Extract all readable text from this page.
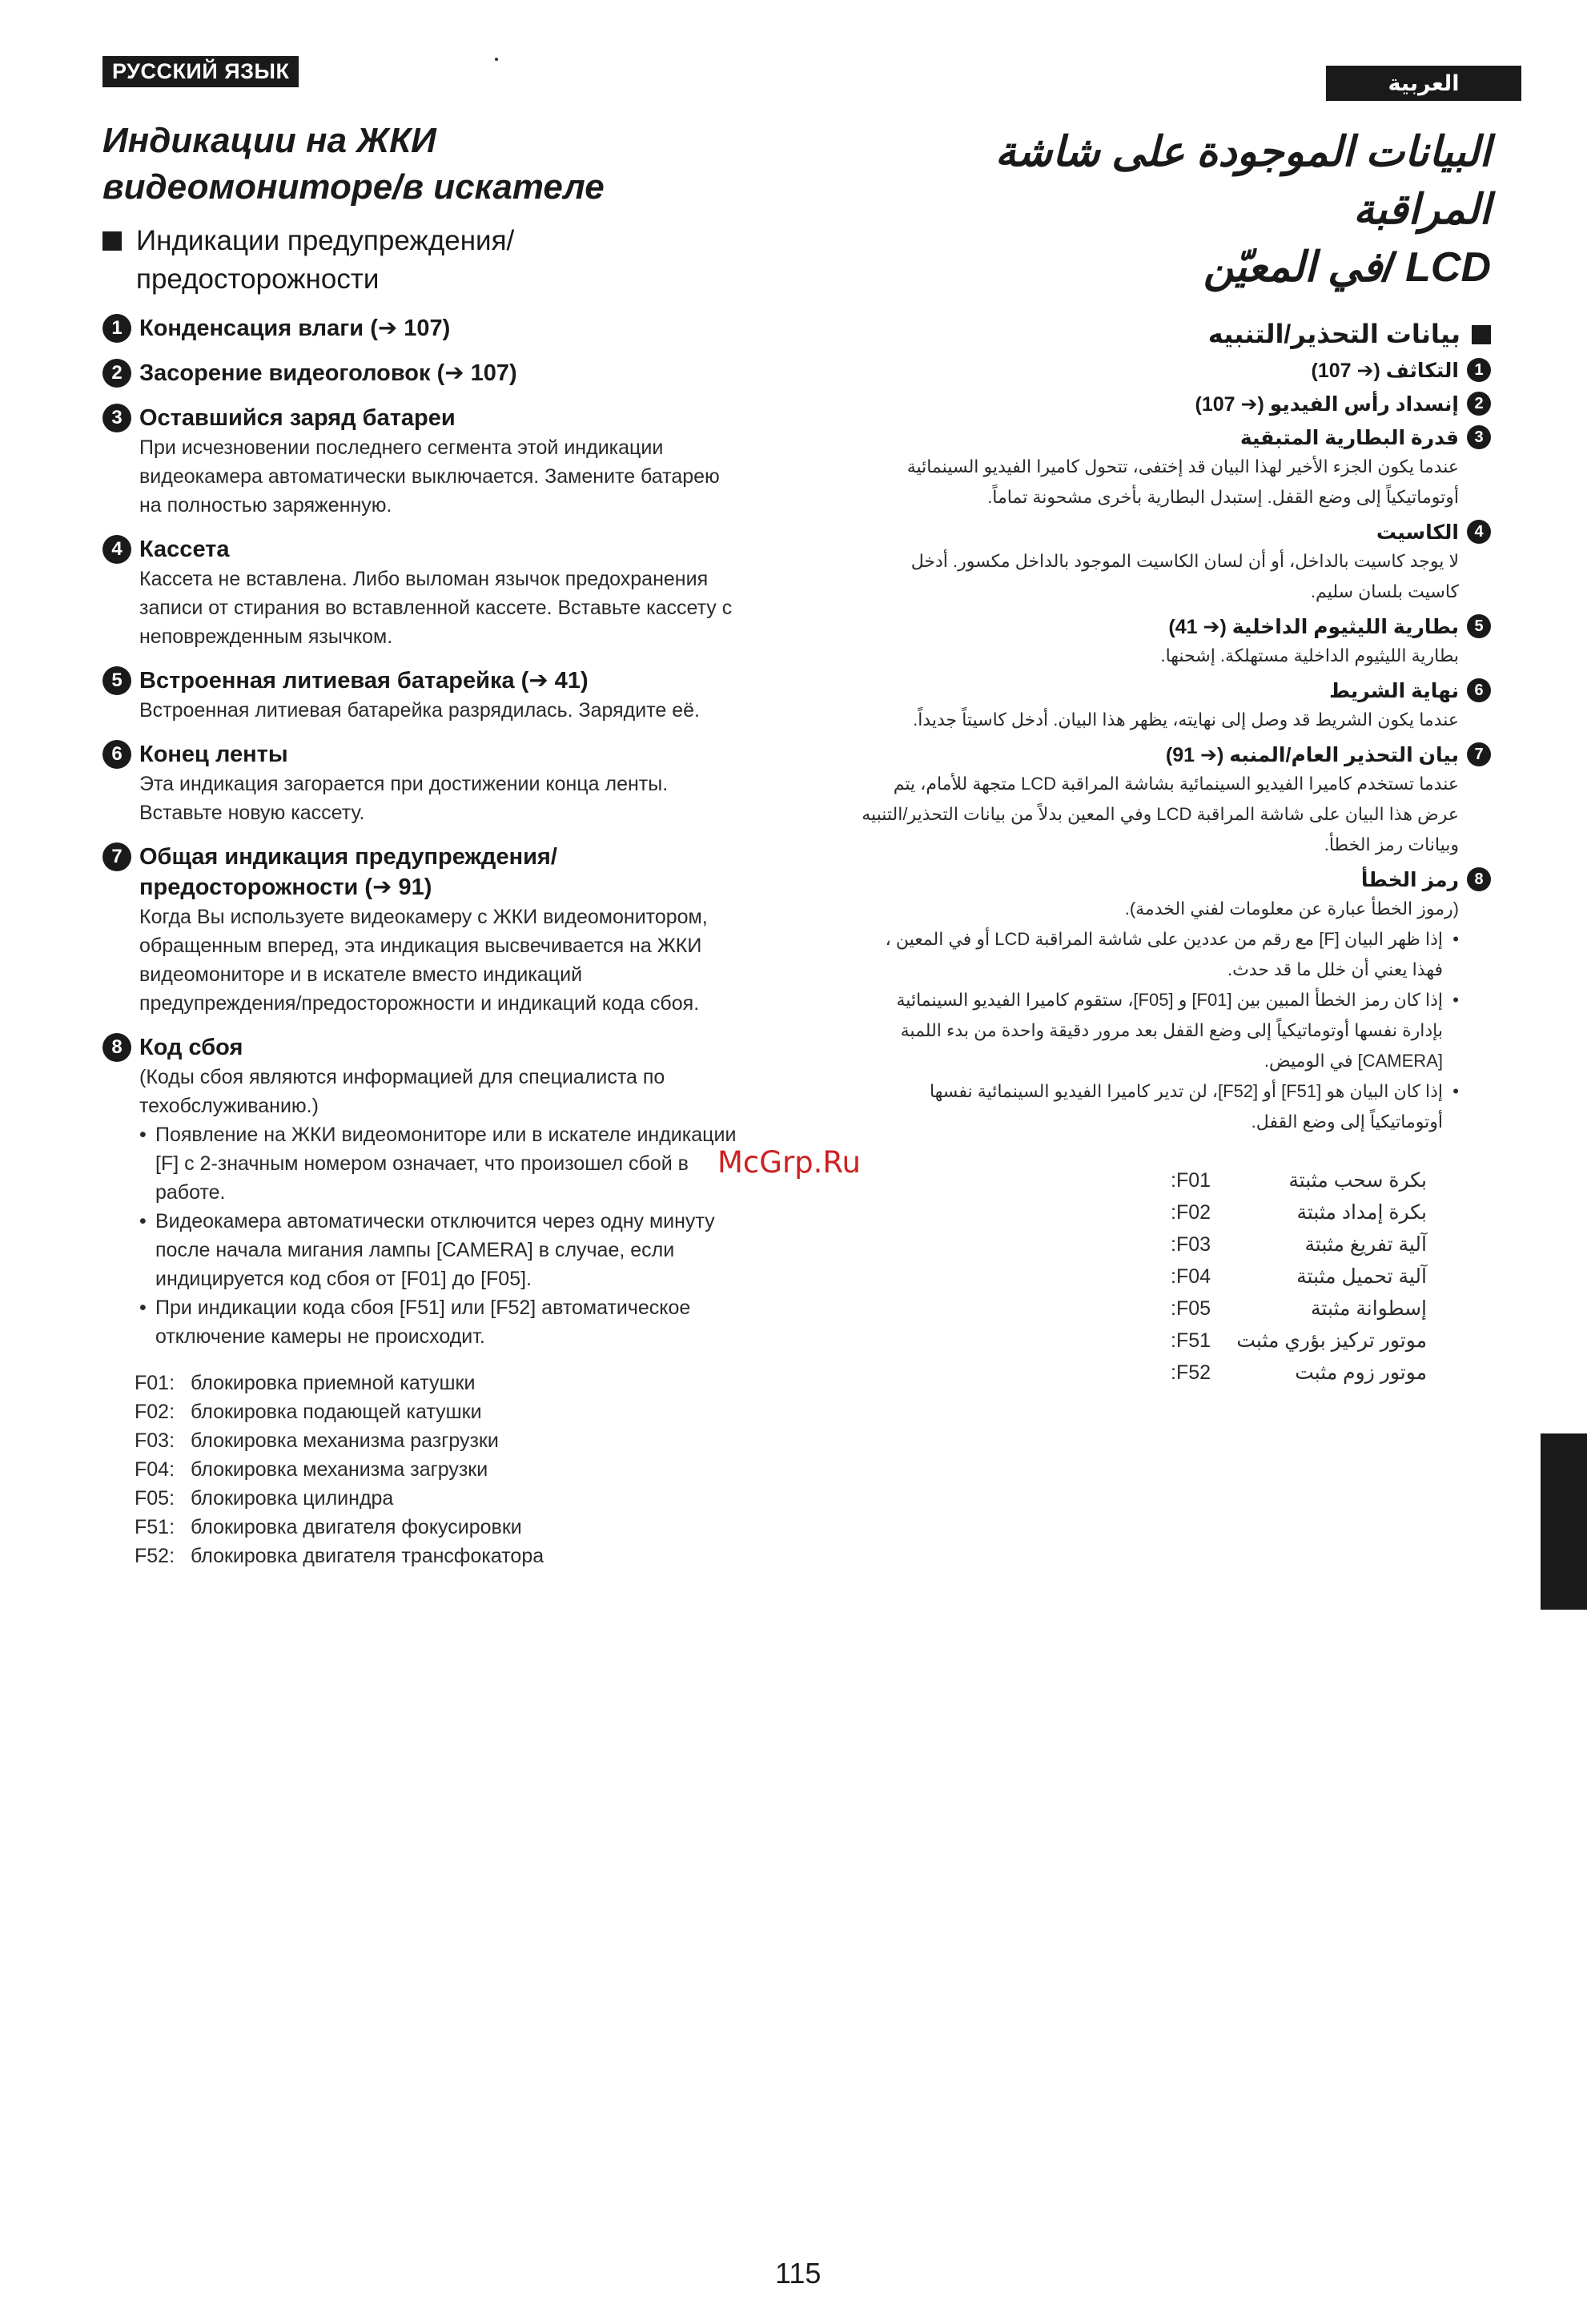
РУССКИЙ ЯЗЫК
Индикации на ЖКИ
видеомониторе/в искателе
Индикации предупреждения/
предосторожности
1 Конденсация влаги (➔ 107)
2 Засорение видеоголовок (➔ 107)
3 Оставшийся заряд батареи
При исчезновении последнего сегмента этой индикации видеокамера автоматически выключается. Замените батарею на полностью заряженную.
4 Кассета
Кассета не вставлена. Либо выломан язычок предохранения записи от стирания во вставленной кассете. Вставьте кассету с неповрежденным язычком.
5 Встроенная литиевая батарейка (➔ 41)
Встроенная литиевая батарейка разрядилась. Зарядите её.
6 Конец ленты
Эта индикация загорается при достижении конца ленты. Вставьте новую кассету.
7 Общая индикация предупреждения/ предосторожности (➔ 91)
Когда Вы используете видеокамеру с ЖКИ видеомонитором, обращенным вперед, эта индикация высвечивается на ЖКИ видеомониторе и в искателе вместо индикаций предупреждения/предосторожности и индикаций кода сбоя.
8 Код сбоя
(Коды сбоя являются информацией для специалиста по техобслуживанию.)
• Появление на ЖКИ видеомониторе или в искателе индикации [F] с 2-значным номером означает, что произошел сбой в работе.
• Видеокамера автоматически отключится через одну минуту после начала мигания лампы [CAMERA] в случае, если индицируется код сбоя от [F01] до [F05].
• При индикации кода сбоя [F51] или [F52] автоматическое отключение камеры не происходит.
F01: блокировка приемной катушки
F02: блокировка подающей катушки
F03: блокировка механизма разгрузки
F04: блокировка механизма загрузки
F05: блокировка цилиндра
F51: блокировка двигателя фокусировки
F52: блокировка двигателя трансфокатора
العربية
البيانات الموجودة على شاشة المراقبة
LCD /في المعيّن
بيانات التحذير/التنبيه
1
التكاثف (➔ 107)
2
إنسداد رأس الفيديو (➔ 107)
3
قدرة البطارية المتبقية
عندما يكون الجزء الأخير لهذا البيان قد إختفى، تتحول كاميرا الفيديو السينمائية أوتوماتيكياً إلى وضع القفل. إستبدل البطارية بأخرى مشحونة تماماً.
4
الكاسيت
لا يوجد كاسيت بالداخل، أو أن لسان الكاسيت الموجود بالداخل مكسور. أدخل كاسيت بلسان سليم.
5
بطارية الليثيوم الداخلية (➔ 41)
بطارية الليثيوم الداخلية مستهلكة. إشحنها.
6
نهاية الشريط
عندما يكون الشريط قد وصل إلى نهايته، يظهر هذا البيان. أدخل كاسيتاً جديداً.
7
بيان التحذير العام/المنبه (➔ 91)
عندما تستخدم كاميرا الفيديو السينمائية بشاشة المراقبة LCD متجهة للأمام، يتم عرض هذا البيان على شاشة المراقبة LCD وفي المعين بدلاً من بيانات التحذير/التنبيه وبيانات رمز الخطأ.
8
رمز الخطأ
(رموز الخطأ عبارة عن معلومات لفني الخدمة).
•
إذا ظهر البيان [F] مع رقم من عددين على شاشة المراقبة LCD أو في المعين ، فهذا يعني أن خلل ما قد حدث.
•
إذا كان رمز الخطأ المبين بين [F01] و [F05]، ستقوم كاميرا الفيديو السينمائية بإدارة نفسها أوتوماتيكياً إلى وضع القفل بعد مرور دقيقة واحدة من بدء اللمبة [CAMERA] في الوميض.
•
إذا كان البيان هو [F51] أو [F52]، لن تدير كاميرا الفيديو السينمائية نفسها أوتوماتيكياً إلى وضع القفل.
:F01	بكرة سحب مثبتة
:F02	بكرة إمداد مثبتة
:F03	آلية تفريغ مثبتة
:F04	آلية تحميل مثبتة
:F05	إسطوانة مثبتة
:F51	موتور تركيز بؤري مثبت
:F52	موتور زوم مثبت
McGrp.Ru
115
